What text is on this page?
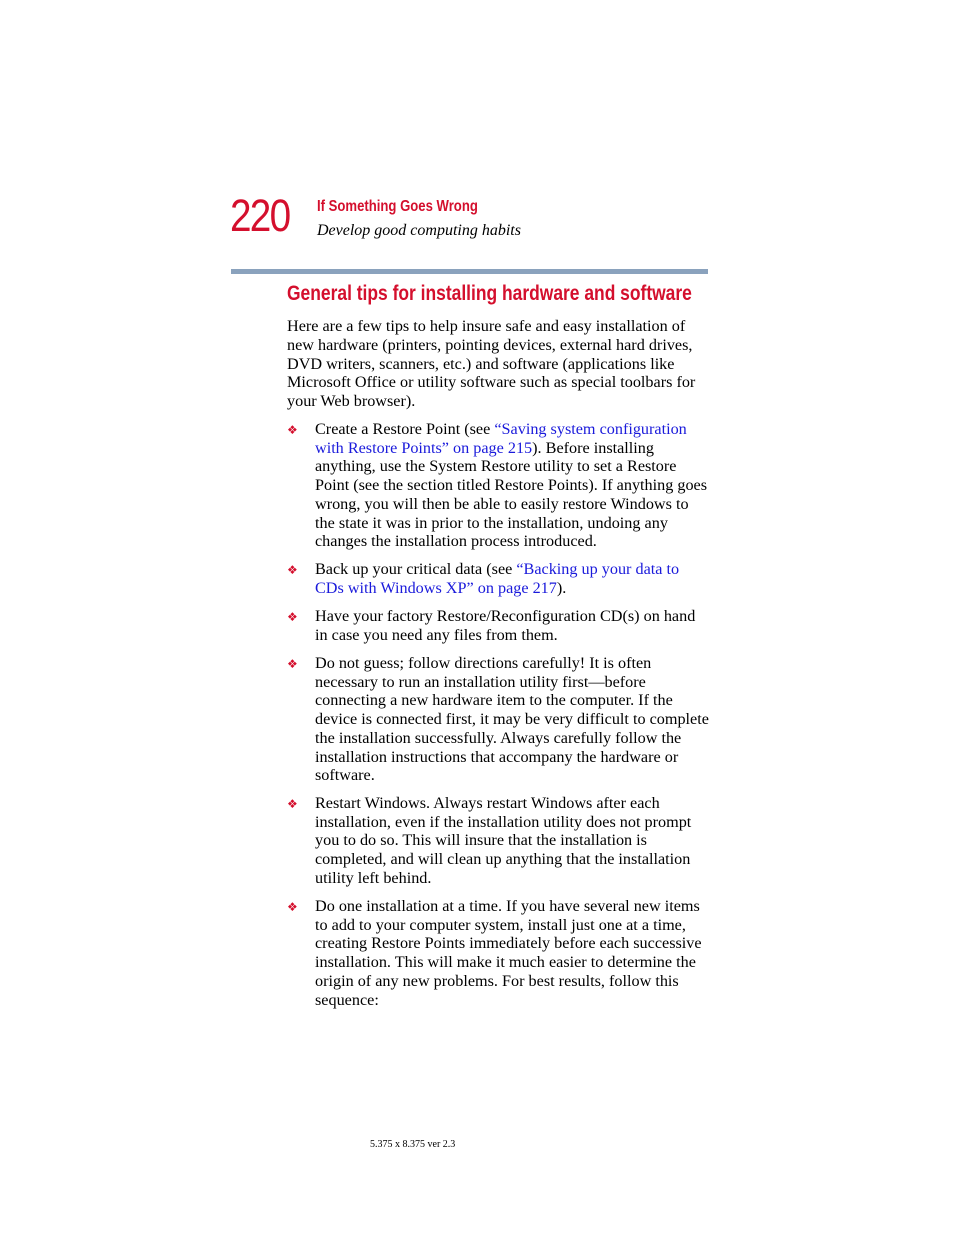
220 If Something Goes Wrong
Develop good computing habits
General tips for installing hardware and software
Here are a few tips to help insure safe and easy installation of new hardware (printers, pointing devices, external hard drives, DVD writers, scanners, etc.) and software (applications like Microsoft Office or utility software such as special toolbars for your Web browser).
❖ Create a Restore Point (see “Saving system configuration with Restore Points” on page 215). Before installing anything, use the System Restore utility to set a Restore Point (see the section titled Restore Points). If anything goes wrong, you will then be able to easily restore Windows to the state it was in prior to the installation, undoing any changes the installation process introduced.
❖ Back up your critical data (see “Backing up your data to CDs with Windows XP” on page 217).
❖ Have your factory Restore/Reconfiguration CD(s) on hand in case you need any files from them.
❖ Do not guess; follow directions carefully! It is often necessary to run an installation utility first—before connecting a new hardware item to the computer. If the device is connected first, it may be very difficult to complete the installation successfully. Always carefully follow the installation instructions that accompany the hardware or software.
❖ Restart Windows. Always restart Windows after each installation, even if the installation utility does not prompt you to do so. This will insure that the installation is completed, and will clean up anything that the installation utility left behind.
❖ Do one installation at a time. If you have several new items to add to your computer system, install just one at a time, creating Restore Points immediately before each successive installation. This will make it much easier to determine the origin of any new problems. For best results, follow this sequence:
5.375 x 8.375 ver 2.3
